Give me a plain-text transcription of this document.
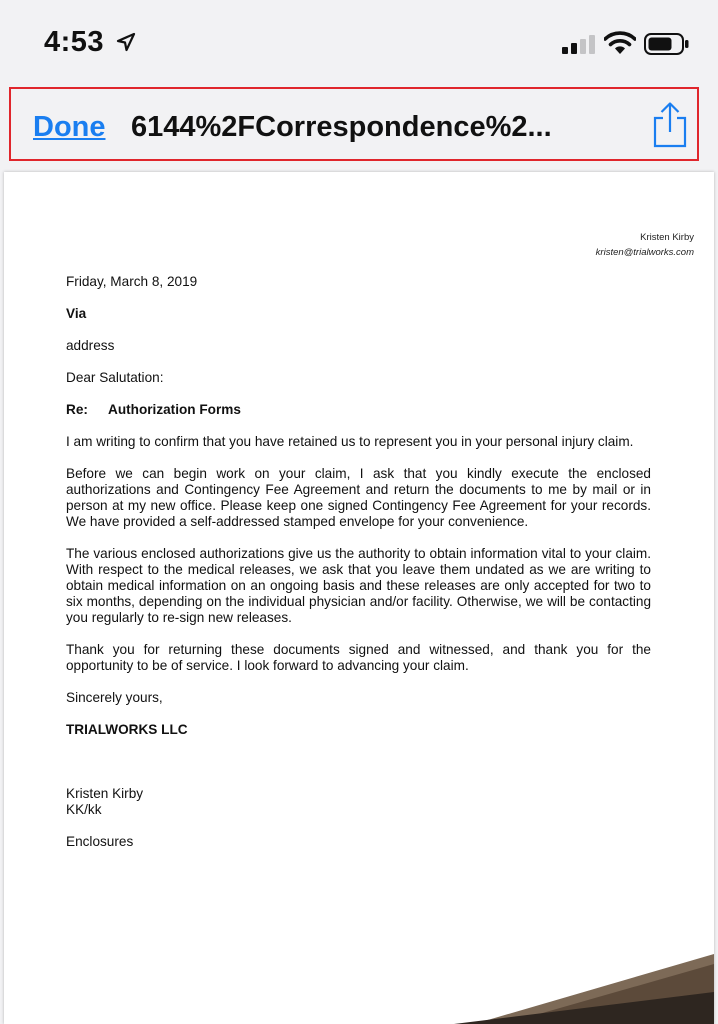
4:53
Done 6144%2FCorrespondence%2...
Kristen Kirby
kristen@trialworks.com

Friday, March 8, 2019

Via

address

Dear Salutation:

Re: Authorization Forms

I am writing to confirm that you have retained us to represent you in your personal injury claim.

Before we can begin work on your claim, I ask that you kindly execute the enclosed authorizations and Contingency Fee Agreement and return the documents to me by mail or in person at my new office. Please keep one signed Contingency Fee Agreement for your records. We have provided a self-addressed stamped envelope for your convenience.

The various enclosed authorizations give us the authority to obtain information vital to your claim. With respect to the medical releases, we ask that you leave them undated as we are writing to obtain medical information on an ongoing basis and these releases are only accepted for two to six months, depending on the individual physician and/or facility. Otherwise, we will be contacting you regularly to re-sign new releases.

Thank you for returning these documents signed and witnessed, and thank you for the opportunity to be of service. I look forward to advancing your claim.

Sincerely yours,

TRIALWORKS LLC

Kristen Kirby

KK/kk

Enclosures
